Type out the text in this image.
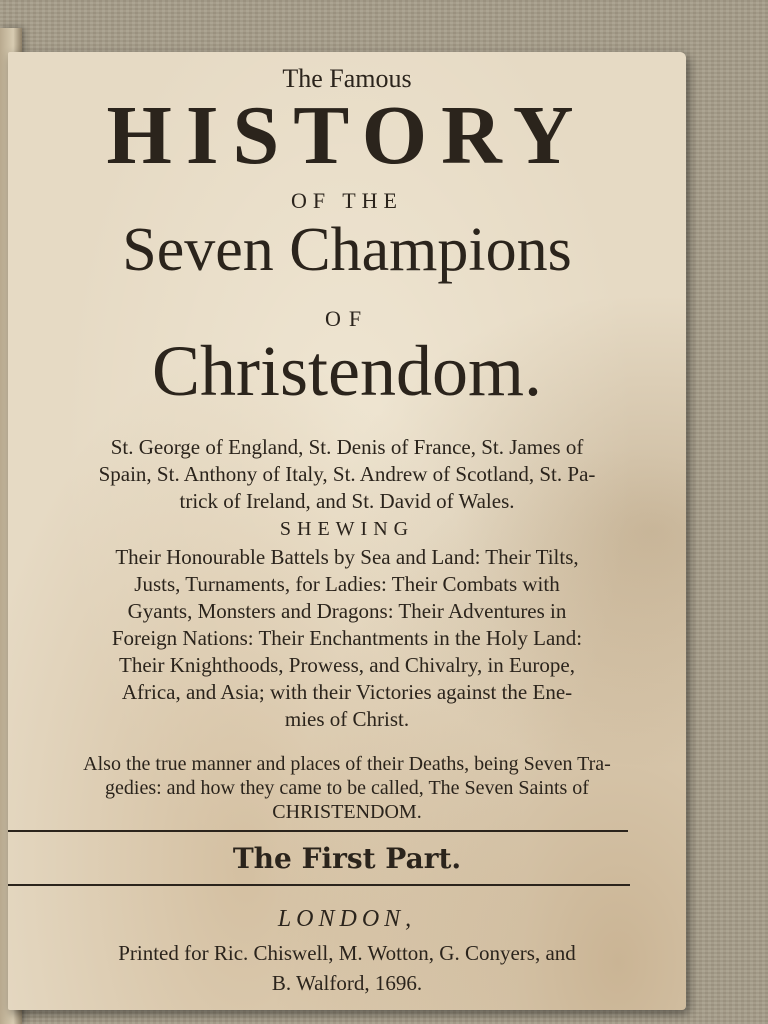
The Famous
HISTORY
OF THE
Seven Champions
OF
Christendom.
St. George of England, St. Denis of France, St. James of
Spain, St. Anthony of Italy, St. Andrew of Scotland, St. Pa-
trick of Ireland, and St. David of Wales.
SHEWING
Their Honourable Battels by Sea and Land: Their Tilts,
Justs, Turnaments, for Ladies: Their Combats with
Gyants, Monsters and Dragons: Their Adventures in
Foreign Nations: Their Enchantments in the Holy Land:
Their Knighthoods, Prowess, and Chivalry, in Europe,
Africa, and Asia; with their Victories against the Ene-
mies of Christ.
Also the true manner and places of their Deaths, being Seven Tra-
gedies: and how they came to be called, The Seven Saints of
CHRISTENDOM.
The First Part.
LONDON,
Printed for Ric. Chiswell, M. Wotton, G. Conyers, and
B. Walford, 1696.
